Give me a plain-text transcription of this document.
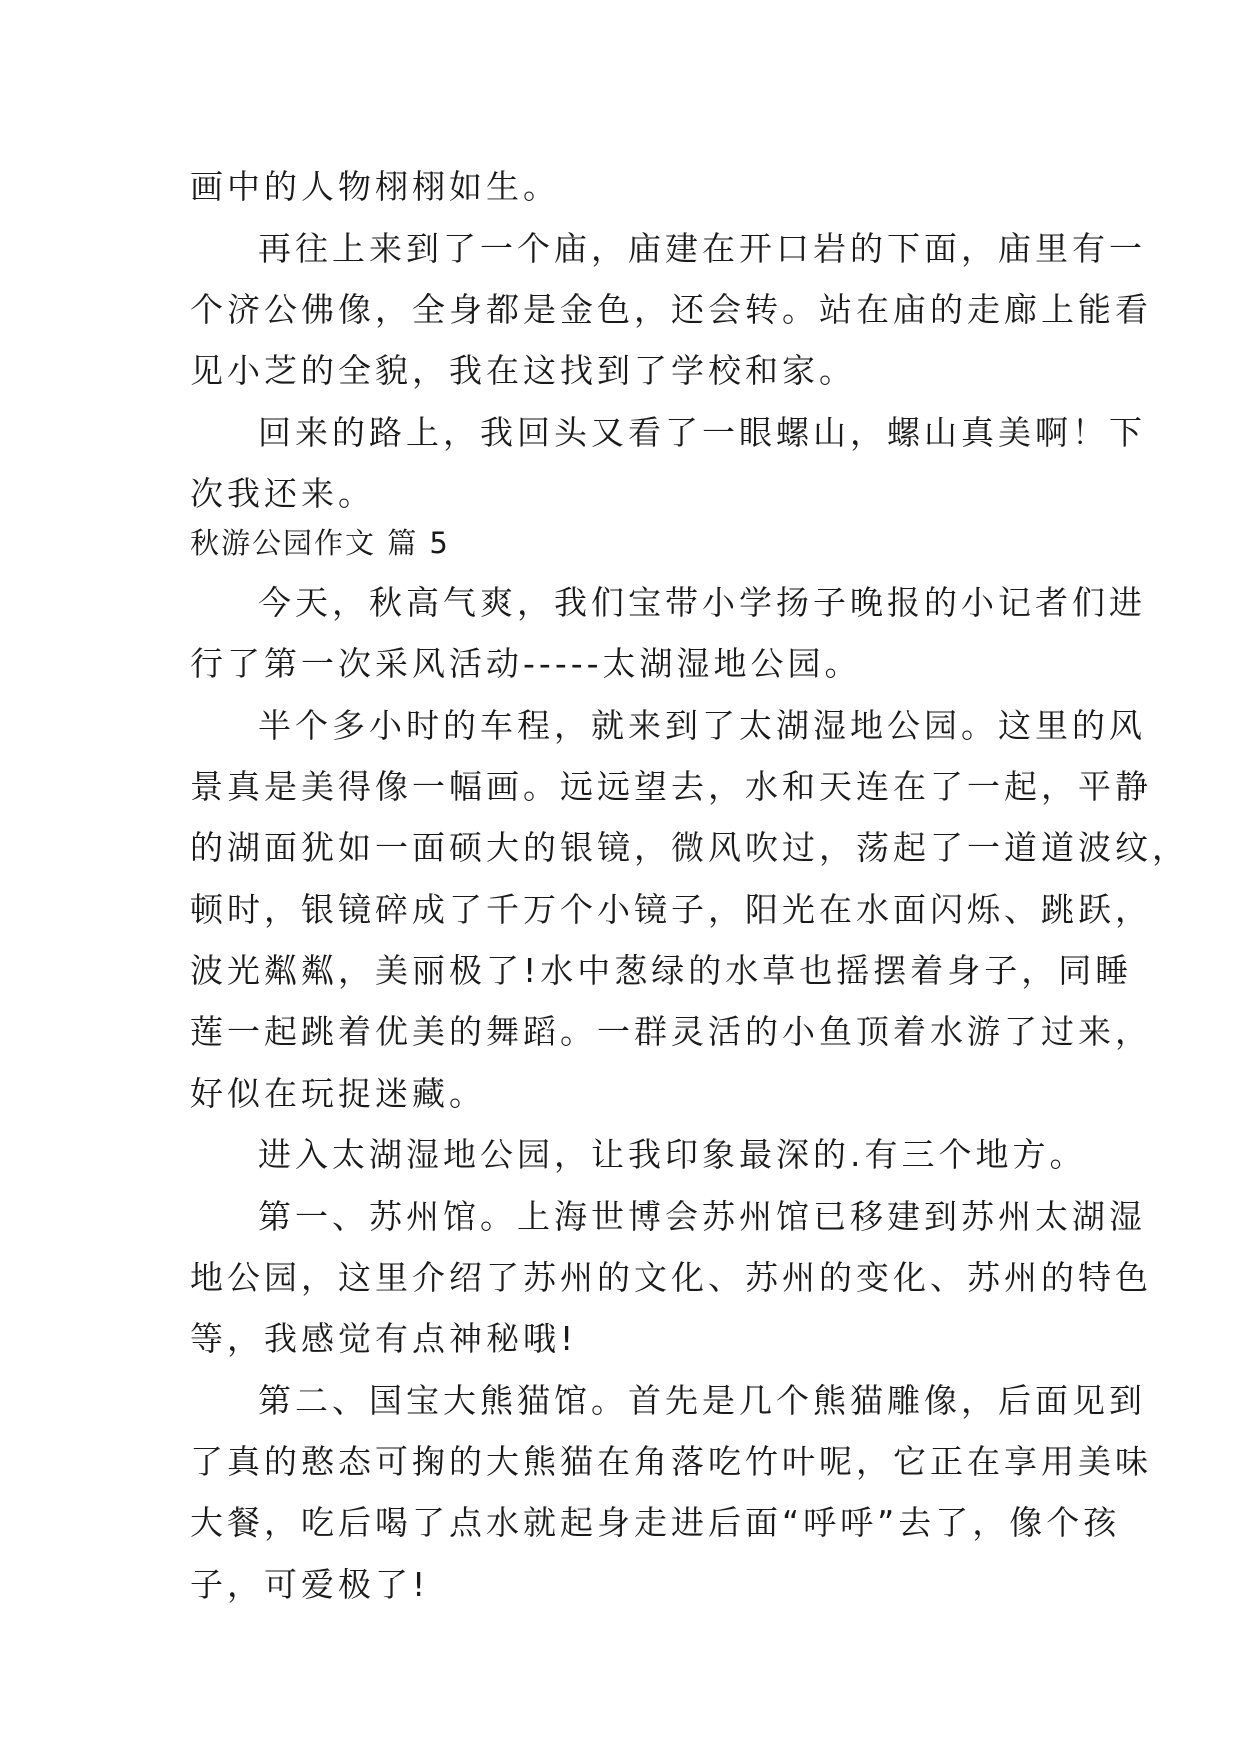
画中的人物栩栩如生。
再往上来到了一个庙，庙建在开口岩的下面，庙里有一
个济公佛像，全身都是金色，还会转。站在庙的走廊上能看
见小芝的全貌，我在这找到了学校和家。
回来的路上，我回头又看了一眼螺山，螺山真美啊！下
次我还来。
秋游公园作文 篇 5
今天，秋高气爽，我们宝带小学扬子晚报的小记者们进
行了第一次采风活动-----太湖湿地公园。
半个多小时的车程，就来到了太湖湿地公园。这里的风
景真是美得像一幅画。远远望去，水和天连在了一起，平静
的湖面犹如一面硕大的银镜，微风吹过，荡起了一道道波纹，
顿时，银镜碎成了千万个小镜子，阳光在水面闪烁、跳跃，
波光粼粼，美丽极了!水中葱绿的水草也摇摆着身子，同睡
莲一起跳着优美的舞蹈。一群灵活的小鱼顶着水游了过来，
好似在玩捉迷藏。
进入太湖湿地公园，让我印象最深的.有三个地方。
第一、苏州馆。上海世博会苏州馆已移建到苏州太湖湿
地公园，这里介绍了苏州的文化、苏州的变化、苏州的特色
等，我感觉有点神秘哦!
第二、国宝大熊猫馆。首先是几个熊猫雕像，后面见到
了真的憨态可掬的大熊猫在角落吃竹叶呢，它正在享用美味
大餐，吃后喝了点水就起身走进后面“呼呼”去了，像个孩
子，可爱极了!
